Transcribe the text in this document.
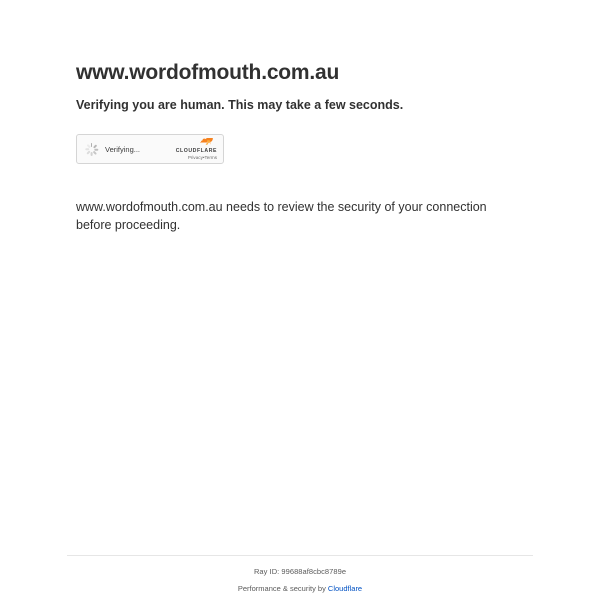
www.wordofmouth.com.au

Verifying you are human. This may take a few seconds.

Verifying...	CLOUDFLARE
Privacy•Terms

www.wordofmouth.com.au needs to review the security of your connection before proceeding.

Ray ID: 99688af8cbc8789e

Performance & security by Cloudflare
